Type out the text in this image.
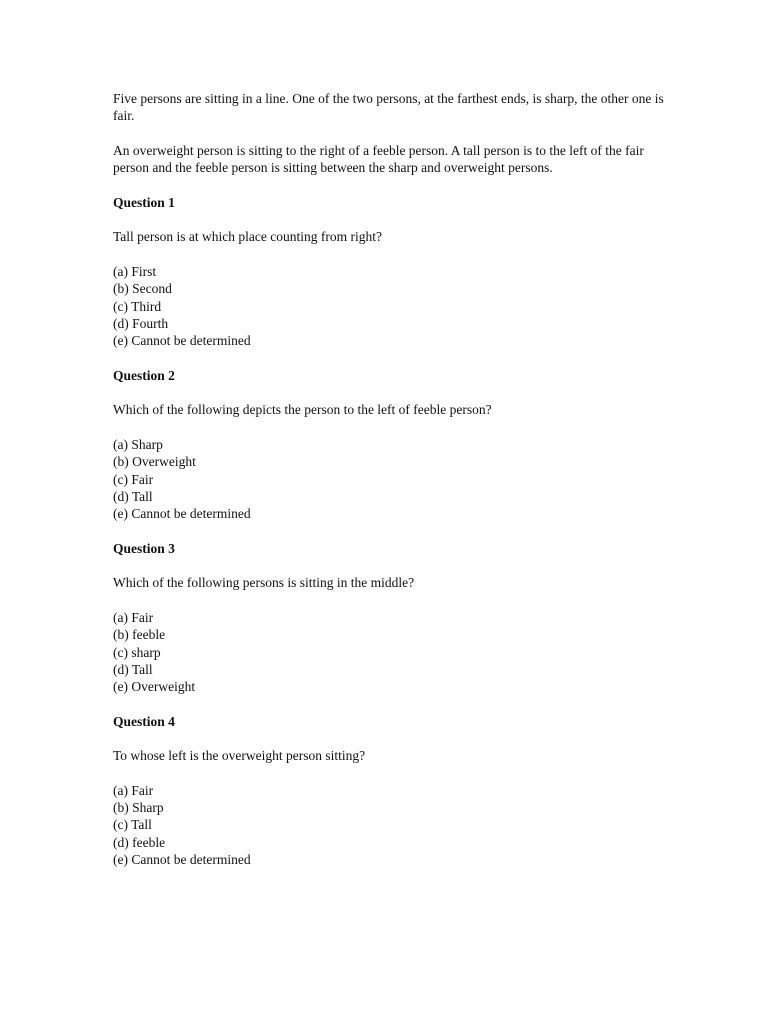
Five persons are sitting in a line. One of the two persons, at the farthest ends, is sharp, the other one is fair.

An overweight person is sitting to the right of a feeble person. A tall person is to the left of the fair person and the feeble person is sitting between the sharp and overweight persons.

Question 1

Tall person is at which place counting from right?

(a) First
(b) Second
(c) Third
(d) Fourth
(e) Cannot be determined

Question 2

Which of the following depicts the person to the left of feeble person?

(a) Sharp
(b) Overweight
(c) Fair
(d) Tall
(e) Cannot be determined

Question 3

Which of the following persons is sitting in the middle?

(a) Fair
(b) feeble
(c) sharp
(d) Tall
(e) Overweight

Question 4

To whose left is the overweight person sitting?

(a) Fair
(b) Sharp
(c) Tall
(d) feeble
(e) Cannot be determined
